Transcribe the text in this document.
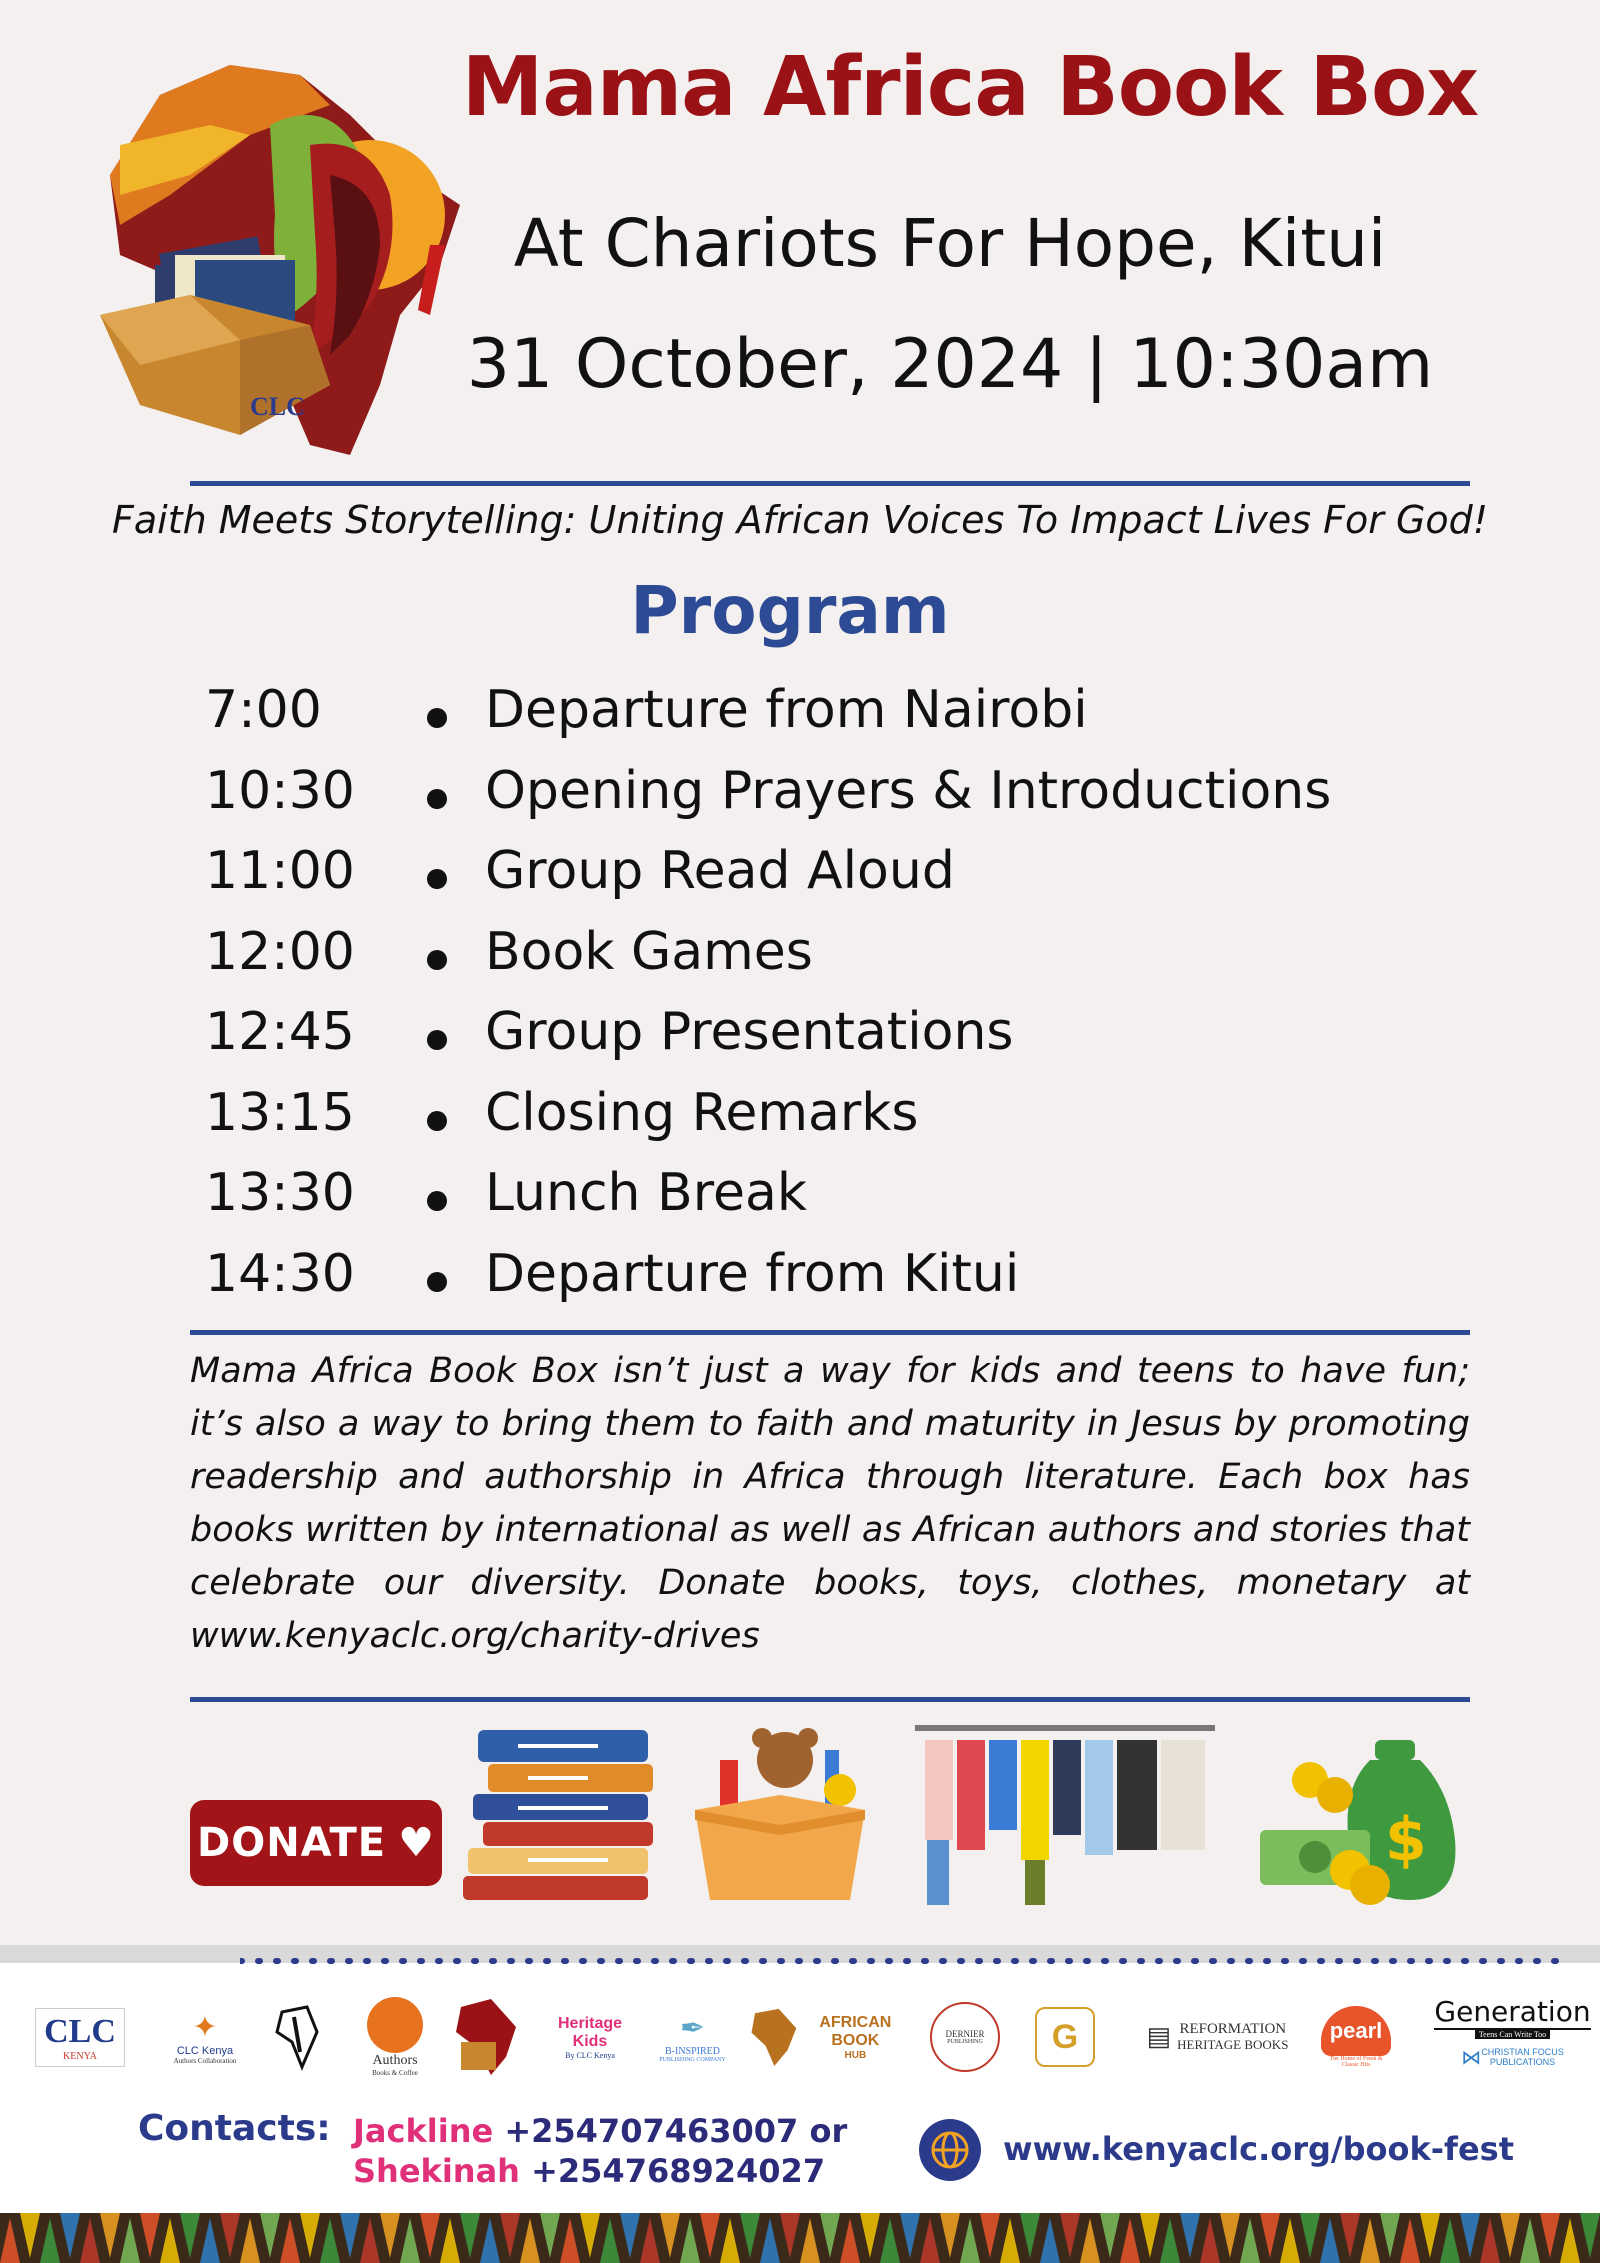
CLC
Mama Africa Book Box
At Chariots For Hope, Kitui
31 October, 2024 | 10:30am
Faith Meets Storytelling: Uniting African Voices To Impact Lives For God!
Program
7:00	Departure from Nairobi
10:30	Opening Prayers & Introductions
11:00	Group Read Aloud
12:00	Book Games
12:45	Group Presentations
13:15	Closing Remarks
13:30	Lunch Break
14:30	Departure from Kitui
Mama Africa Book Box isn’t just a way for kids and teens to have fun; it’s also a way to bring them to faith and maturity in Jesus by promoting readership and authorship in Africa through literature. Each box has books written by international as well as African authors and stories that celebrate our diversity. Donate books, toys, clothes, monetary at www.kenyaclc.org/charity-drives
DONATE ♥	$
CLC
KENYA
✦
CLC Kenya
Authors Collaboration	Authors
Books & Coffee
Heritage Kids
By CLC Kenya
✒
B-INSPIRED
PUBLISHING COMPANY
AFRICAN BOOK
HUB
DERNIER
PUBLISHING	G	▤ REFORMATION
HERITAGE BOOKS
pearl
The Home of Fresh & Classic Hits
Generation
Teens Can Write Too
⋈ CHRISTIAN FOCUS
PUBLICATIONS
Contacts: Jackline +254707463007 or
Shekinah +254768924027
www.kenyaclc.org/book-fest
